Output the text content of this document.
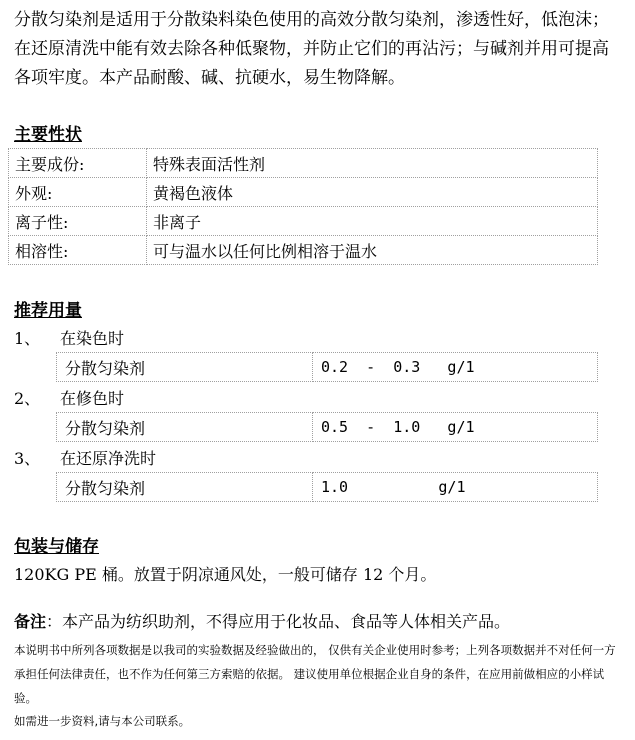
分散匀染剂是适用于分散染料染色使用的高效分散匀染剂，渗透性好，低泡沫； 在还原清洗中能有效去除各种低聚物，并防止它们的再沾污；与碱剂并用可提高各项牢度。本产品耐酸、碱、抗硬水，易生物降解。
主要性状
主要成份:	特殊表面活性剂
外观:	黄褐色液体
离子性:	非离子
相溶性:	可与温水以任何比例相溶于温水
推荐用量
1、 在染色时
分散匀染剂	0.2  -  0.3   g/1
2、 在修色时
分散匀染剂	0.5  -  1.0   g/1
3、 在还原净洗时
分散匀染剂	1.0          g/1
包装与储存
120KG PE 桶。放置于阴凉通风处，一般可储存 12 个月。
备注：本产品为纺织助剂，不得应用于化妆品、食品等人体相关产品。
本说明书中所列各项数据是以我司的实验数据及经验做出的， 仅供有关企业使用时参考；上列各项数据并不对任何一方承担任何法律责任，也不作为任何第三方索赔的依据。 建议使用单位根据企业自身的条件，在应用前做相应的小样试验。
如需进一步资料,请与本公司联系。
